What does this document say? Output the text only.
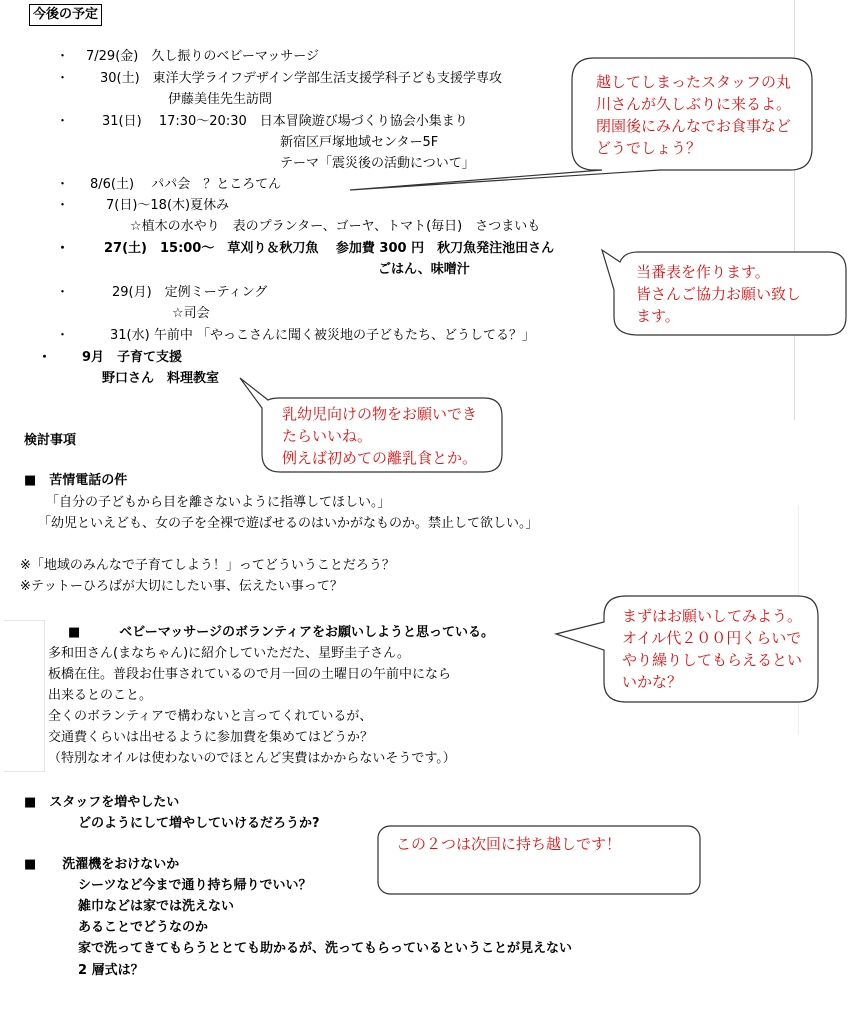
今後の予定
・ 7/29(金)　久し振りのベビーマッサージ
・ 30(土)　東洋大学ライフデザイン学部生活支援学科子ども支援学専攻
伊藤美佳先生訪問
・	31(日)　 17:30～20:30　日本冒険遊び場づくり協会小集まり
新宿区戸塚地域センター5F
テーマ「震災後の活動について」
・ 8/6(土)　 パパ会　？ところてん
・	7(日)～18(木)夏休み
☆植木の水やり　表のプランター、ゴーヤ、トマト(毎日)　さつまいも
・	27(土)　15:00～　草刈り＆秋刀魚　 参加費 300 円　秋刀魚発注池田さん
ごはん、味噌汁
・	29(月)　定例ミーティング
☆司会
・	31(水) 午前中 「やっこさんに聞く被災地の子どもたち、どうしてる？」
・ 9月　子育て支援
野口さん　料理教室
検討事項
■　苦情電話の件
「自分の子どもから目を離さないように指導してほしい。」
「幼児といえども、女の子を全裸で遊ばせるのはいかがなものか。禁止して欲しい。」
※「地域のみんなで子育てしよう！」ってどういうことだろう？
※テットーひろばが大切にしたい事、伝えたい事って？
■　　　ベビーマッサージのボランティアをお願いしようと思っている。
多和田さん(まなちゃん)に紹介していただた、星野圭子さん。
板橋在住。普段お仕事されているので月一回の土曜日の午前中になら
出来るとのこと。
全くのボランティアで構わないと言ってくれているが、
交通費くらいは出せるように参加費を集めてはどうか？
（特別なオイルは使わないのでほとんど実費はかからないそうです。）
■　スタッフを増やしたい
どのようにして増やしていけるだろうか?
■　　洗濯機をおけないか
シーツなど今まで通り持ち帰りでいい？
雑巾などは家では洗えない
あることでどうなのか
家で洗ってきてもらうととても助かるが、洗ってもらっているということが見えない
2 層式は？
越してしまったスタッフの丸
川さんが久しぶりに来るよ。
閉園後にみんなでお食事など
どうでしょう？
当番表を作ります。
皆さんご協力お願い致し
ます。
乳幼児向けの物をお願いでき
たらいいね。
例えば初めての離乳食とか。
まずはお願いしてみよう。
オイル代２００円くらいで
やり繰りしてもらえるとい
いかな？
この２つは次回に持ち越しです！
